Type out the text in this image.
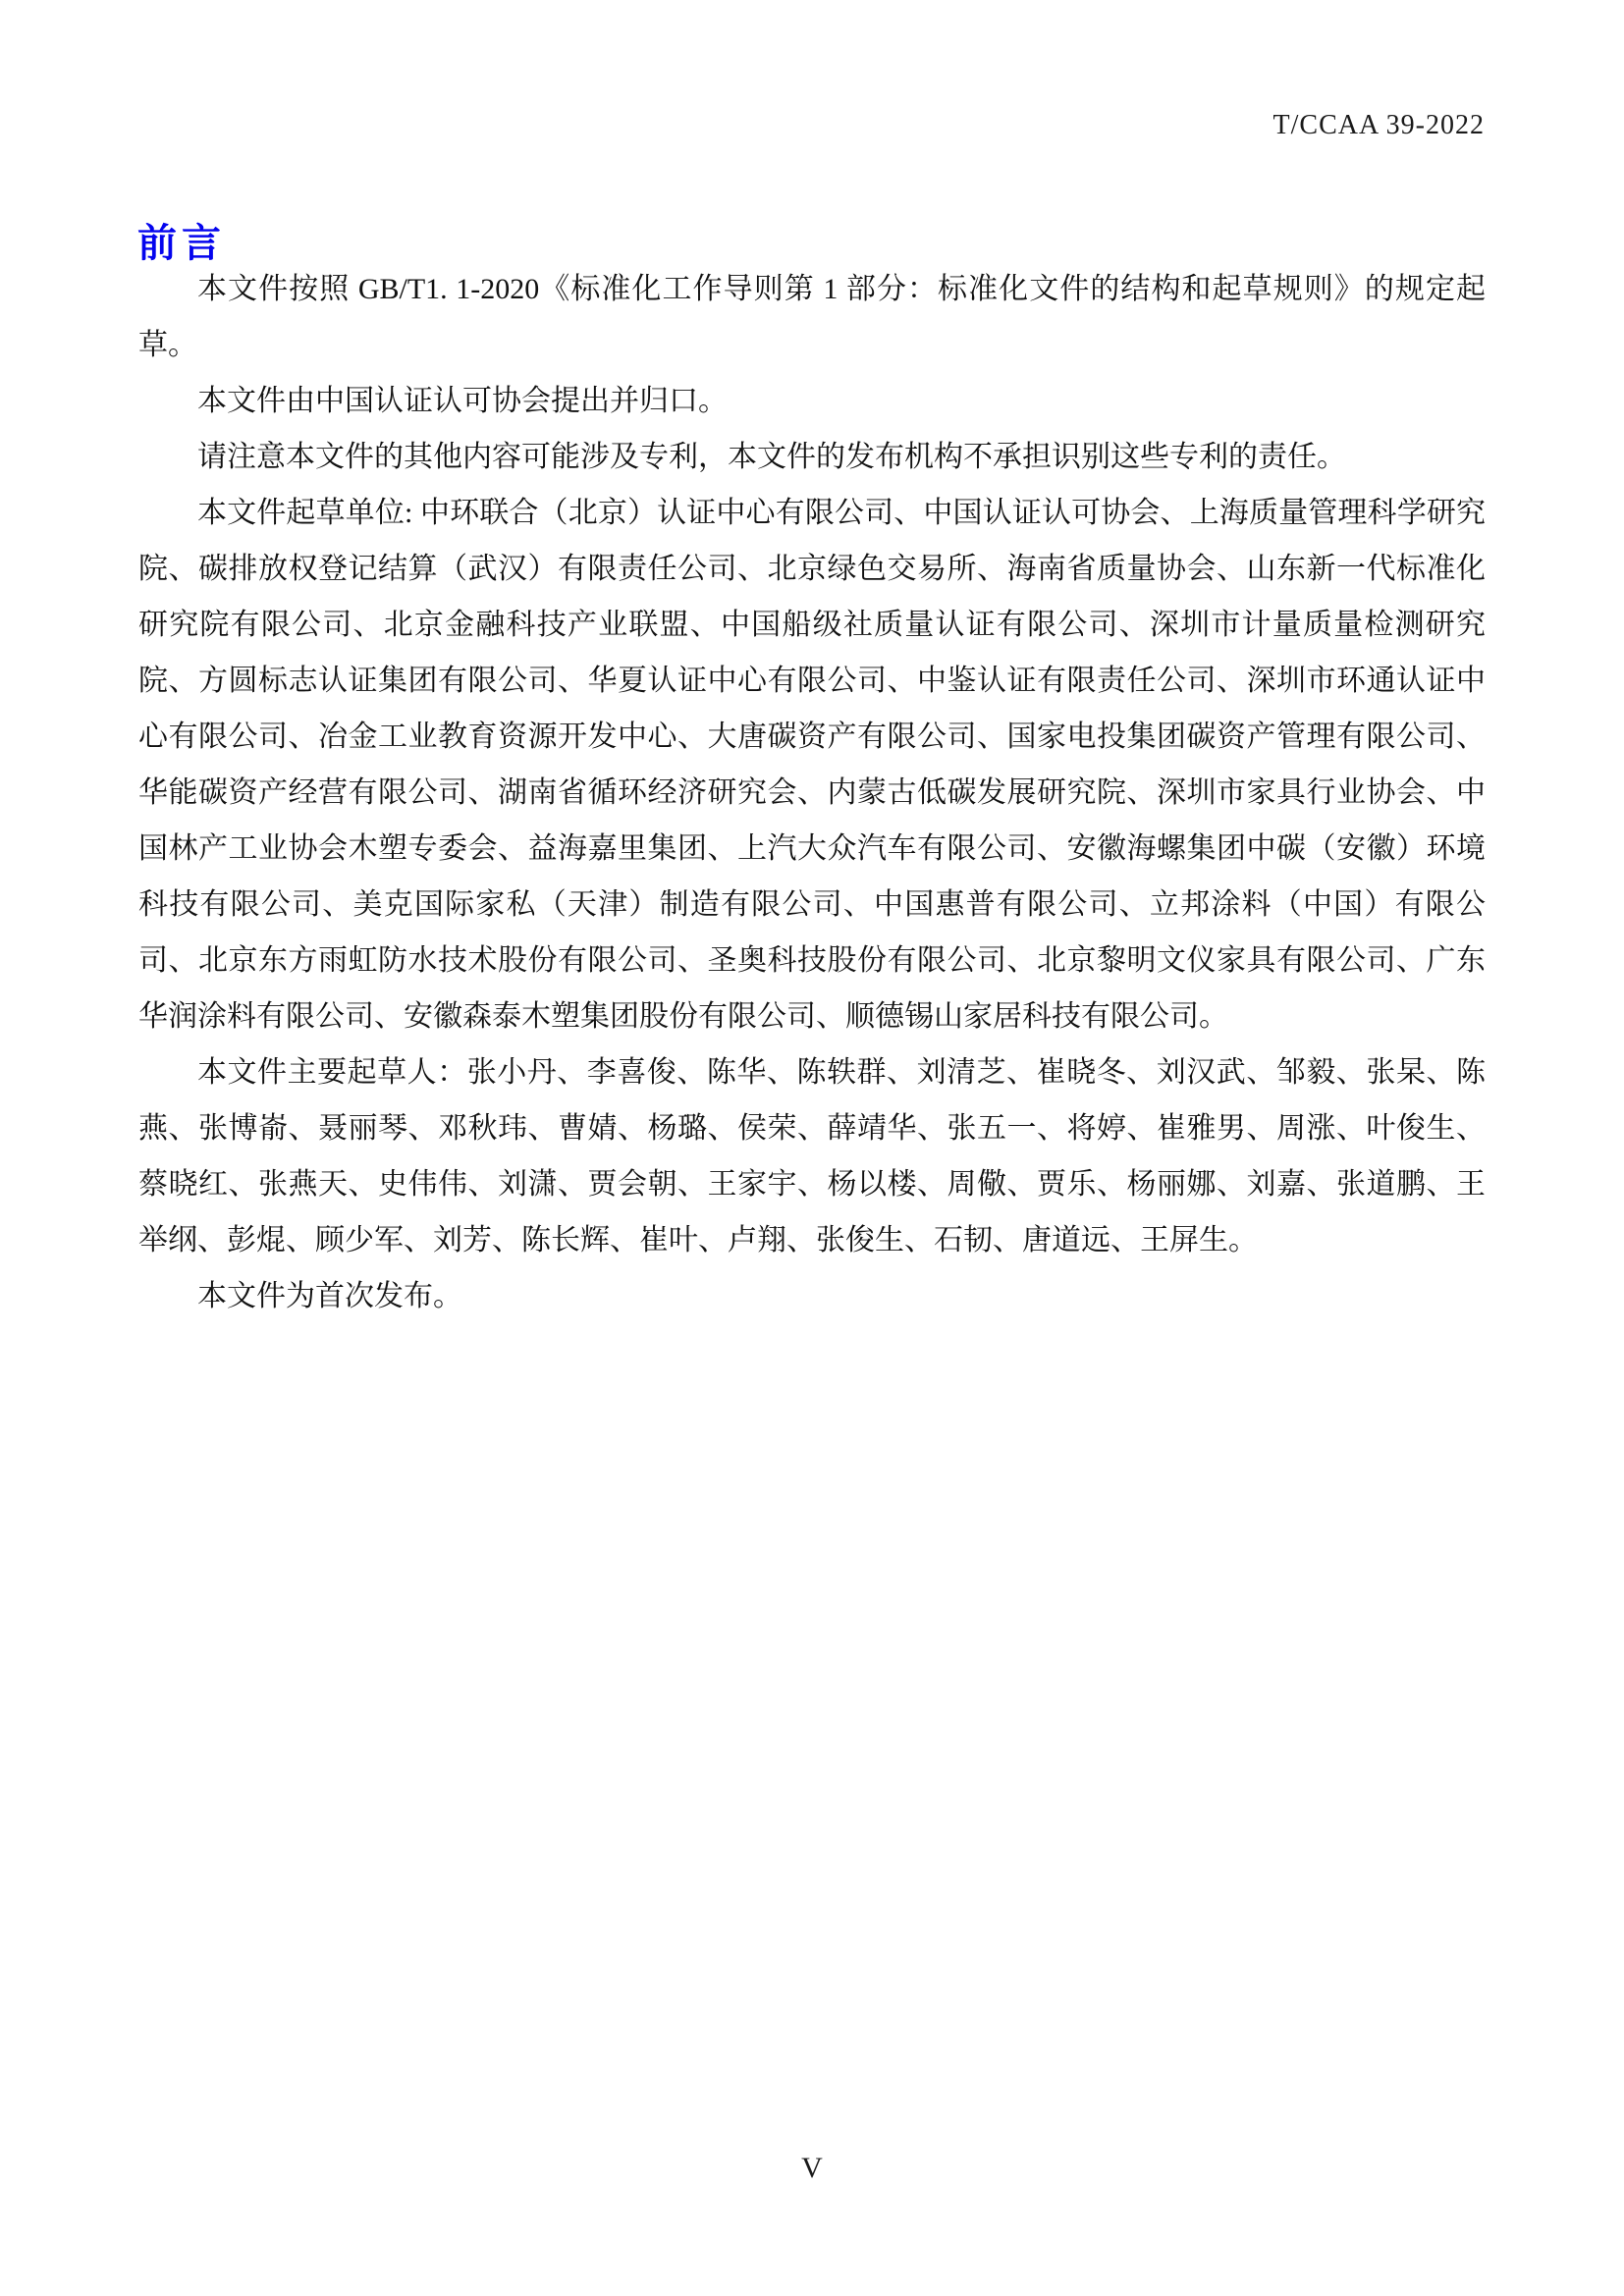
T/CCAA 39-2022
前言

本文件按照 GB/T1. 1-2020《标准化工作导则第 1 部分：标准化文件的结构和起草规则》的规定起草。

本文件由中国认证认可协会提出并归口。

请注意本文件的其他内容可能涉及专利，本文件的发布机构不承担识别这些专利的责任。

本文件起草单位: 中环联合（北京）认证中心有限公司、中国认证认可协会、上海质量管理科学研究院、碳排放权登记结算（武汉）有限责任公司、北京绿色交易所、海南省质量协会、山东新一代标准化研究院有限公司、北京金融科技产业联盟、中国船级社质量认证有限公司、深圳市计量质量检测研究院、方圆标志认证集团有限公司、华夏认证中心有限公司、中鉴认证有限责任公司、深圳市环通认证中心有限公司、冶金工业教育资源开发中心、大唐碳资产有限公司、国家电投集团碳资产管理有限公司、华能碳资产经营有限公司、湖南省循环经济研究会、内蒙古低碳发展研究院、深圳市家具行业协会、中国林产工业协会木塑专委会、益海嘉里集团、上汽大众汽车有限公司、安徽海螺集团中碳（安徽）环境科技有限公司、美克国际家私（天津）制造有限公司、中国惠普有限公司、立邦涂料（中国）有限公司、北京东方雨虹防水技术股份有限公司、圣奥科技股份有限公司、北京黎明文仪家具有限公司、广东华润涂料有限公司、安徽森泰木塑集团股份有限公司、顺德锡山家居科技有限公司。

本文件主要起草人：张小丹、李喜俊、陈华、陈轶群、刘清芝、崔晓冬、刘汉武、邹毅、张杲、陈燕、张博嵛、聂丽琴、邓秋玮、曹婧、杨璐、侯荣、薛靖华、张五一、将婷、崔雅男、周涨、叶俊生、蔡晓红、张燕天、史伟伟、刘潇、贾会朝、王家宇、杨以楼、周儆、贾乐、杨丽娜、刘嘉、张道鹏、王举纲、彭焜、顾少军、刘芳、陈长辉、崔叶、卢翔、张俊生、石韧、唐道远、王屏生。

本文件为首次发布。

V
